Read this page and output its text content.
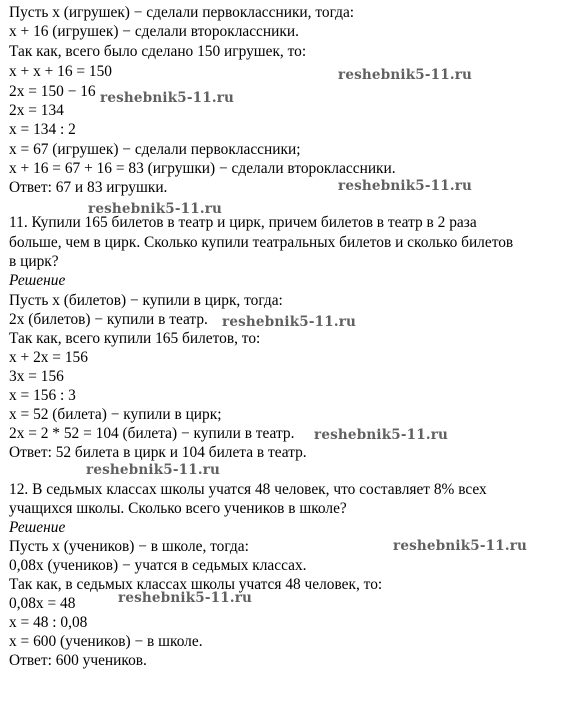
Пусть x (игрушек) − сделали первоклассники, тогда:
x + 16 (игрушек) − сделали второклассники.
Так как, всего было сделано 150 игрушек, то:
x + x + 16 = 150
2x = 150 − 16
2x = 134
x = 134 : 2
x = 67 (игрушек) − сделали первоклассники;
x + 16 = 67 + 16 = 83 (игрушки) − сделали второклассники.
Ответ: 67 и 83 игрушки.
11. Купили 165 билетов в театр и цирк, причем билетов в театр в 2 раза
больше, чем в цирк. Сколько купили театральных билетов и сколько билетов
в цирк?
Решение
Пусть x (билетов) − купили в цирк, тогда:
2x (билетов) − купили в театр.
Так как, всего купили 165 билетов, то:
x + 2x = 156
3x = 156
x = 156 : 3
x = 52 (билета) − купили в цирк;
2x = 2 * 52 = 104 (билета) − купили в театр.
Ответ: 52 билета в цирк и 104 билета в театр.
12. В седьмых классах школы учатся 48 человек, что составляет 8% всех
учащихся школы. Сколько всего учеников в школе?
Решение
Пусть x (учеников) − в школе, тогда:
0,08x (учеников) − учатся в седьмых классах.
Так как, в седьмых классах школы учатся 48 человек, то:
0,08x = 48
x = 48 : 0,08
x = 600 (учеников) − в школе.
Ответ: 600 учеников.
reshebnik5-11.ru
reshebnik5-11.ru
reshebnik5-11.ru
reshebnik5-11.ru
reshebnik5-11.ru
reshebnik5-11.ru
reshebnik5-11.ru
reshebnik5-11.ru
reshebnik5-11.ru
